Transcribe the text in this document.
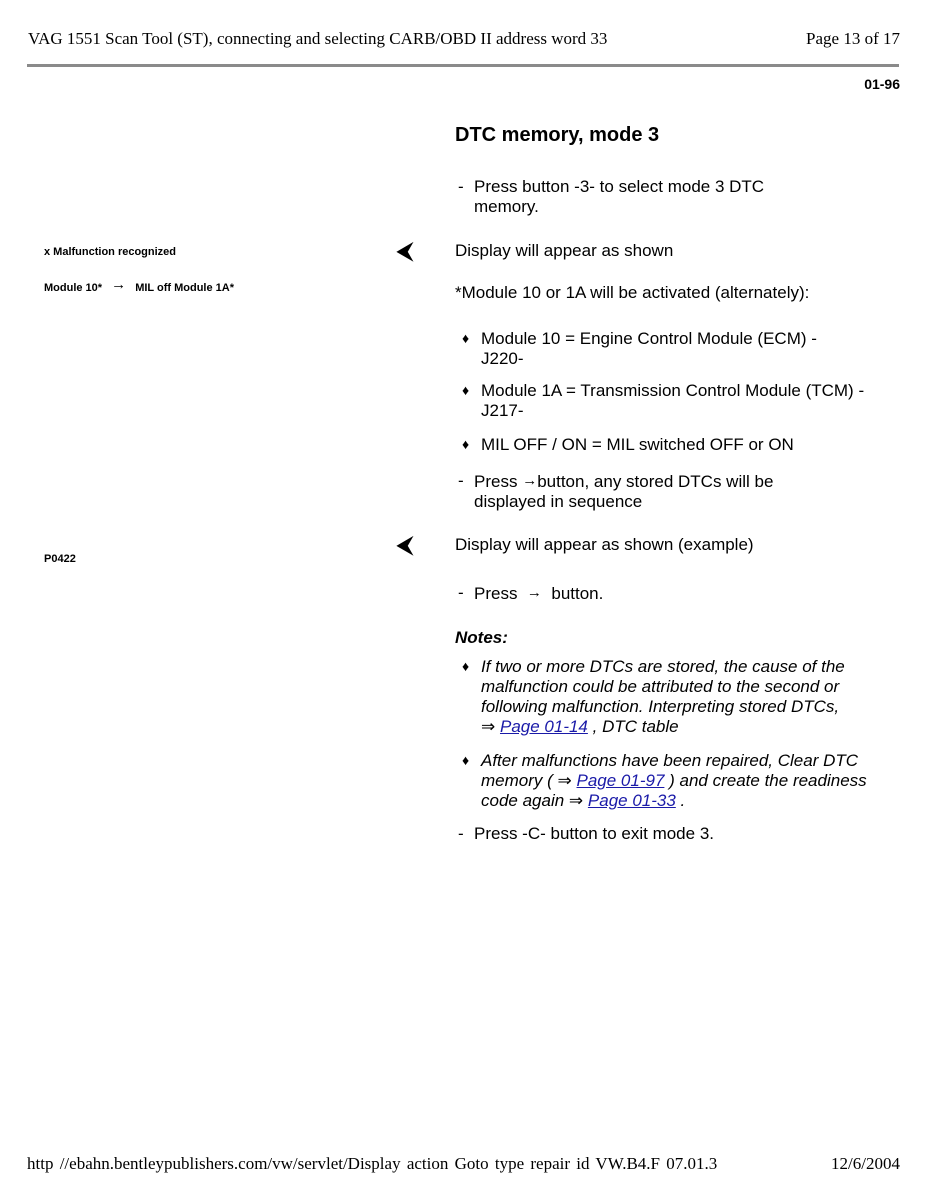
VAG 1551 Scan Tool (ST), connecting and selecting CARB/OBD II address word 33	Page 13 of 17
01-96
DTC memory, mode 3
x Malfunction recognized
Module 10* → MIL off Module 1A*
P0422
⮜
⮜
- Press button -3- to select mode 3 DTC memory.
Display will appear as shown
*Module 10 or 1A will be activated (alternately):
♦ Module 10 = Engine Control Module (ECM) -J220-
♦ Module 1A = Transmission Control Module (TCM) -J217-
♦ MIL OFF / ON = MIL switched OFF or ON
- Press →button, any stored DTCs will be displayed in sequence
Display will appear as shown (example)
- Press → button.
Notes:
♦ If two or more DTCs are stored, the cause of the malfunction could be attributed to the second or following malfunction. Interpreting stored DTCs,
⇒ Page 01-14 , DTC table
♦ After malfunctions have been repaired, Clear DTC memory ( ⇒ Page 01-97 ) and create the readiness code again ⇒ Page 01-33 .
- Press -C- button to exit mode 3.
http //ebahn.bentleypublishers.com/vw/servlet/Display action Goto type repair id VW.B4.F 07.01.3	12/6/2004
